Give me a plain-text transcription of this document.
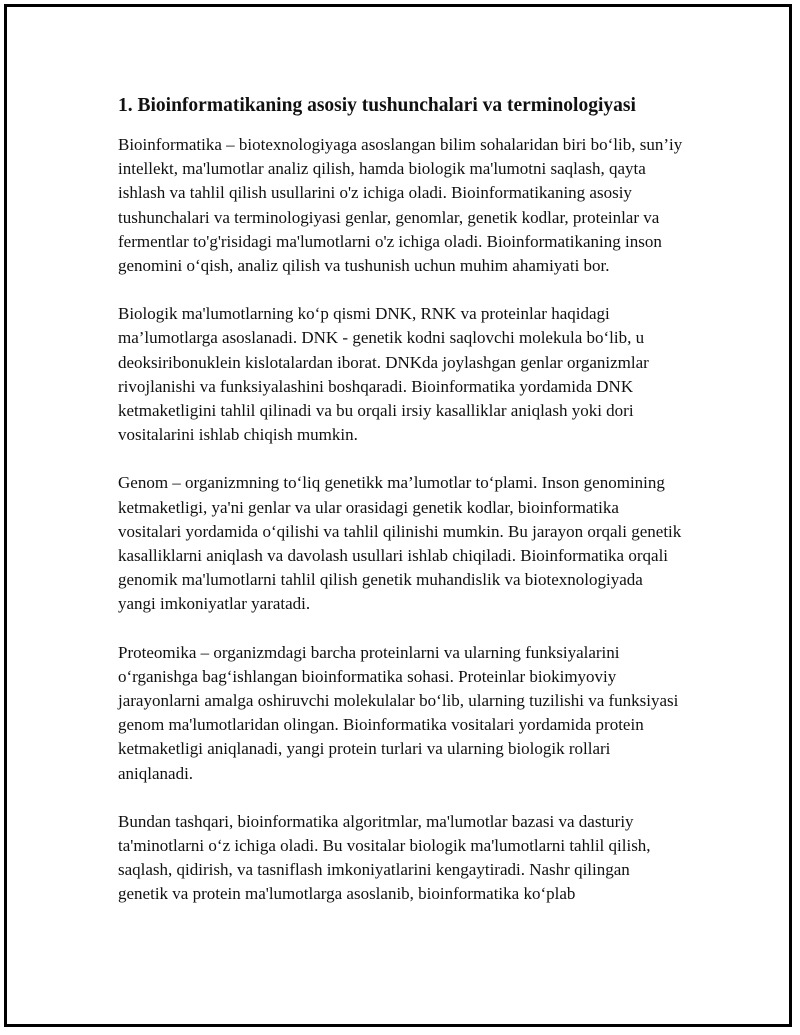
1. Bioinformatikaning asosiy tushunchalari va terminologiyasi

Bioinformatika – biotexnologiyaga asoslangan bilim sohalaridan biri bo‘lib, sun’iy intellekt, ma'lumotlar analiz qilish, hamda biologik ma'lumotni saqlash, qayta ishlash va tahlil qilish usullarini o'z ichiga oladi. Bioinformatikaning asosiy tushunchalari va terminologiyasi genlar, genomlar, genetik kodlar, proteinlar va fermentlar to'g'risidagi ma'lumotlarni o'z ichiga oladi. Bioinformatikaning inson genomini o‘qish, analiz qilish va tushunish uchun muhim ahamiyati bor.

Biologik ma'lumotlarning ko‘p qismi DNK, RNK va proteinlar haqidagi ma’lumotlarga asoslanadi. DNK - genetik kodni saqlovchi molekula bo‘lib, u deoksiribonuklein kislotalardan iborat. DNKda joylashgan genlar organizmlar rivojlanishi va funksiyalashini boshqaradi. Bioinformatika yordamida DNK ketmaketligini tahlil qilinadi va bu orqali irsiy kasalliklar aniqlash yoki dori vositalarini ishlab chiqish mumkin.

Genom – organizmning to‘liq genetikk ma’lumotlar to‘plami. Inson genomining ketmaketligi, ya'ni genlar va ular orasidagi genetik kodlar, bioinformatika vositalari yordamida o‘qilishi va tahlil qilinishi mumkin. Bu jarayon orqali genetik kasalliklarni aniqlash va davolash usullari ishlab chiqiladi. Bioinformatika orqali genomik ma'lumotlarni tahlil qilish genetik muhandislik va biotexnologiyada yangi imkoniyatlar yaratadi.

Proteomika – organizmdagi barcha proteinlarni va ularning funksiyalarini o‘rganishga bag‘ishlangan bioinformatika sohasi. Proteinlar biokimyoviy jarayonlarni amalga oshiruvchi molekulalar bo‘lib, ularning tuzilishi va funksiyasi genom ma'lumotlaridan olingan. Bioinformatika vositalari yordamida protein ketmaketligi aniqlanadi, yangi protein turlari va ularning biologik rollari aniqlanadi.

Bundan tashqari, bioinformatika algoritmlar, ma'lumotlar bazasi va dasturiy ta'minotlarni o‘z ichiga oladi. Bu vositalar biologik ma'lumotlarni tahlil qilish, saqlash, qidirish, va tasniflash imkoniyatlarini kengaytiradi. Nashr qilingan genetik va protein ma'lumotlarga asoslanib, bioinformatika ko‘plab
